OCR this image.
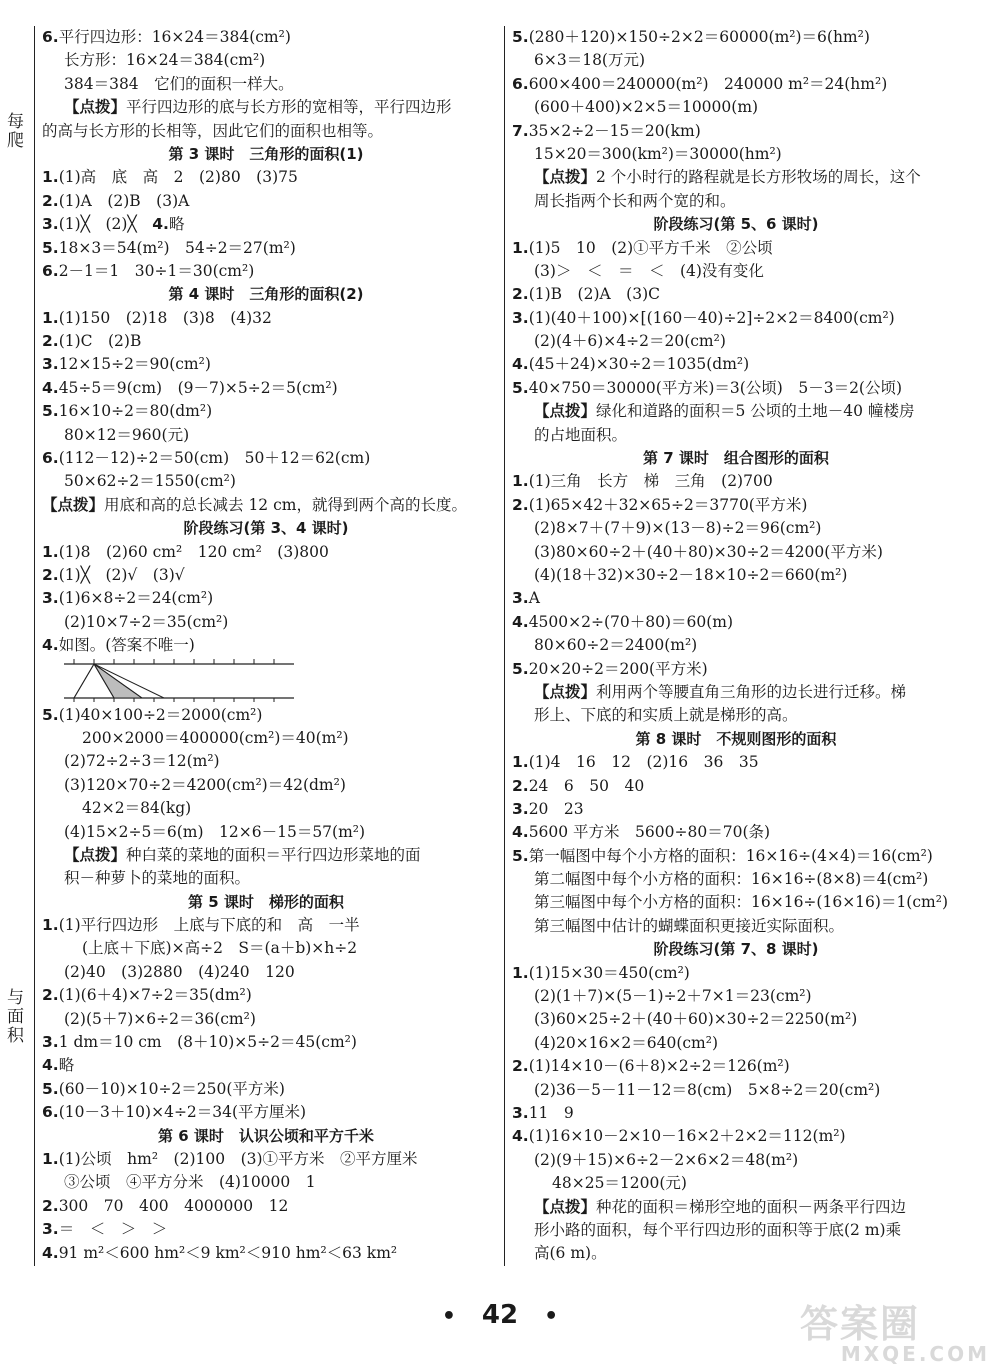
每爬
与面积
6.平行四边形：16×24＝384(cm²)
长方形：16×24＝384(cm²)
384＝384　它们的面积一样大。
【点拨】平行四边形的底与长方形的宽相等，平行四边形
的高与长方形的长相等，因此它们的面积也相等。
第 3 课时　三角形的面积(1)
1.(1)高　底　高　2　(2)80　(3)75
2.(1)A　(2)B　(3)A
3.(1)╳　(2)╳　4.略
5.18×3＝54(m²)　54÷2＝27(m²)
6.2－1＝1　30÷1＝30(cm²)
第 4 课时　三角形的面积(2)
1.(1)150　(2)18　(3)8　(4)32
2.(1)C　(2)B
3.12×15÷2＝90(cm²)
4.45÷5＝9(cm)　(9－7)×5÷2＝5(cm²)
5.16×10÷2＝80(dm²)
80×12＝960(元)
6.(112－12)÷2＝50(cm)　50＋12＝62(cm)
50×62÷2＝1550(cm²)
【点拨】用底和高的总长减去 12 cm，就得到两个高的长度。
阶段练习(第 3、4 课时)
1.(1)8　(2)60 cm²　120 cm²　(3)800
2.(1)╳　(2)√　(3)√
3.(1)6×8÷2＝24(cm²)
(2)10×7÷2＝35(cm²)
4.如图。(答案不唯一)
5.(1)40×100÷2＝2000(cm²)
200×2000＝400000(cm²)＝40(m²)
(2)72÷2÷3＝12(m²)
(3)120×70÷2＝4200(cm²)＝42(dm²)
42×2＝84(kg)
(4)15×2÷5＝6(m)　12×6－15＝57(m²)
【点拨】种白菜的菜地的面积＝平行四边形菜地的面
积－种萝卜的菜地的面积。
第 5 课时　梯形的面积
1.(1)平行四边形　上底与下底的和　高　一半
(上底＋下底)×高÷2　S＝(a＋b)×h÷2
(2)40　(3)2880　(4)240　120
2.(1)(6＋4)×7÷2＝35(dm²)
(2)(5＋7)×6÷2＝36(cm²)
3.1 dm＝10 cm　(8＋10)×5÷2＝45(cm²)
4.略
5.(60－10)×10÷2＝250(平方米)
6.(10－3＋10)×4÷2＝34(平方厘米)
第 6 课时　认识公顷和平方千米
1.(1)公顷　hm²　(2)100　(3)①平方米　②平方厘米
③公顷　④平方分米　(4)10000　1
2.300　70　400　4000000　12
3.＝　＜　＞　＞
4.91 m²＜600 hm²＜9 km²＜910 hm²＜63 km²
5.(280＋120)×150÷2×2＝60000(m²)＝6(hm²)
6×3＝18(万元)
6.600×400＝240000(m²)　240000 m²＝24(hm²)
(600＋400)×2×5＝10000(m)
7.35×2÷2－15＝20(km)
15×20＝300(km²)＝30000(hm²)
【点拨】2 个小时行的路程就是长方形牧场的周长，这个
周长指两个长和两个宽的和。
阶段练习(第 5、6 课时)
1.(1)5　10　(2)①平方千米　②公顷
(3)＞　＜　＝　＜　(4)没有变化
2.(1)B　(2)A　(3)C
3.(1)(40＋100)×[(160－40)÷2]÷2×2＝8400(cm²)
(2)(4＋6)×4÷2＝20(cm²)
4.(45＋24)×30÷2＝1035(dm²)
5.40×750＝30000(平方米)＝3(公顷)　5－3＝2(公顷)
【点拨】绿化和道路的面积＝5 公顷的土地－40 幢楼房
的占地面积。
第 7 课时　组合图形的面积
1.(1)三角　长方　梯　三角　(2)700
2.(1)65×42＋32×65÷2＝3770(平方米)
(2)8×7＋(7＋9)×(13－8)÷2＝96(cm²)
(3)80×60÷2＋(40＋80)×30÷2＝4200(平方米)
(4)(18＋32)×30÷2－18×10÷2＝660(m²)
3.A
4.4500×2÷(70＋80)＝60(m)
80×60÷2＝2400(m²)
5.20×20÷2＝200(平方米)
【点拨】利用两个等腰直角三角形的边长进行迁移。梯
形上、下底的和实质上就是梯形的高。
第 8 课时　不规则图形的面积
1.(1)4　16　12　(2)16　36　35
2.24　6　50　40
3.20　23
4.5600 平方米　5600÷80＝70(条)
5.第一幅图中每个小方格的面积：16×16÷(4×4)＝16(cm²)
第二幅图中每个小方格的面积：16×16÷(8×8)＝4(cm²)
第三幅图中每个小方格的面积：16×16÷(16×16)＝1(cm²)
第三幅图中估计的蝴蝶面积更接近实际面积。
阶段练习(第 7、8 课时)
1.(1)15×30＝450(cm²)
(2)(1＋7)×(5－1)÷2＋7×1＝23(cm²)
(3)60×25÷2＋(40＋60)×30÷2＝2250(m²)
(4)20×16×2＝640(cm²)
2.(1)14×10－(6＋8)×2÷2＝126(m²)
(2)36－5－11－12＝8(cm)　5×8÷2＝20(cm²)
3.11　9
4.(1)16×10－2×10－16×2＋2×2＝112(m²)
(2)(9＋15)×6÷2－2×6×2＝48(m²)
48×25＝1200(元)
【点拨】种花的面积＝梯形空地的面积－两条平行四边
形小路的面积，每个平行四边形的面积等于底(2 m)乘
高(6 m)。
• 42 •	答案圈
MXQE.COM
